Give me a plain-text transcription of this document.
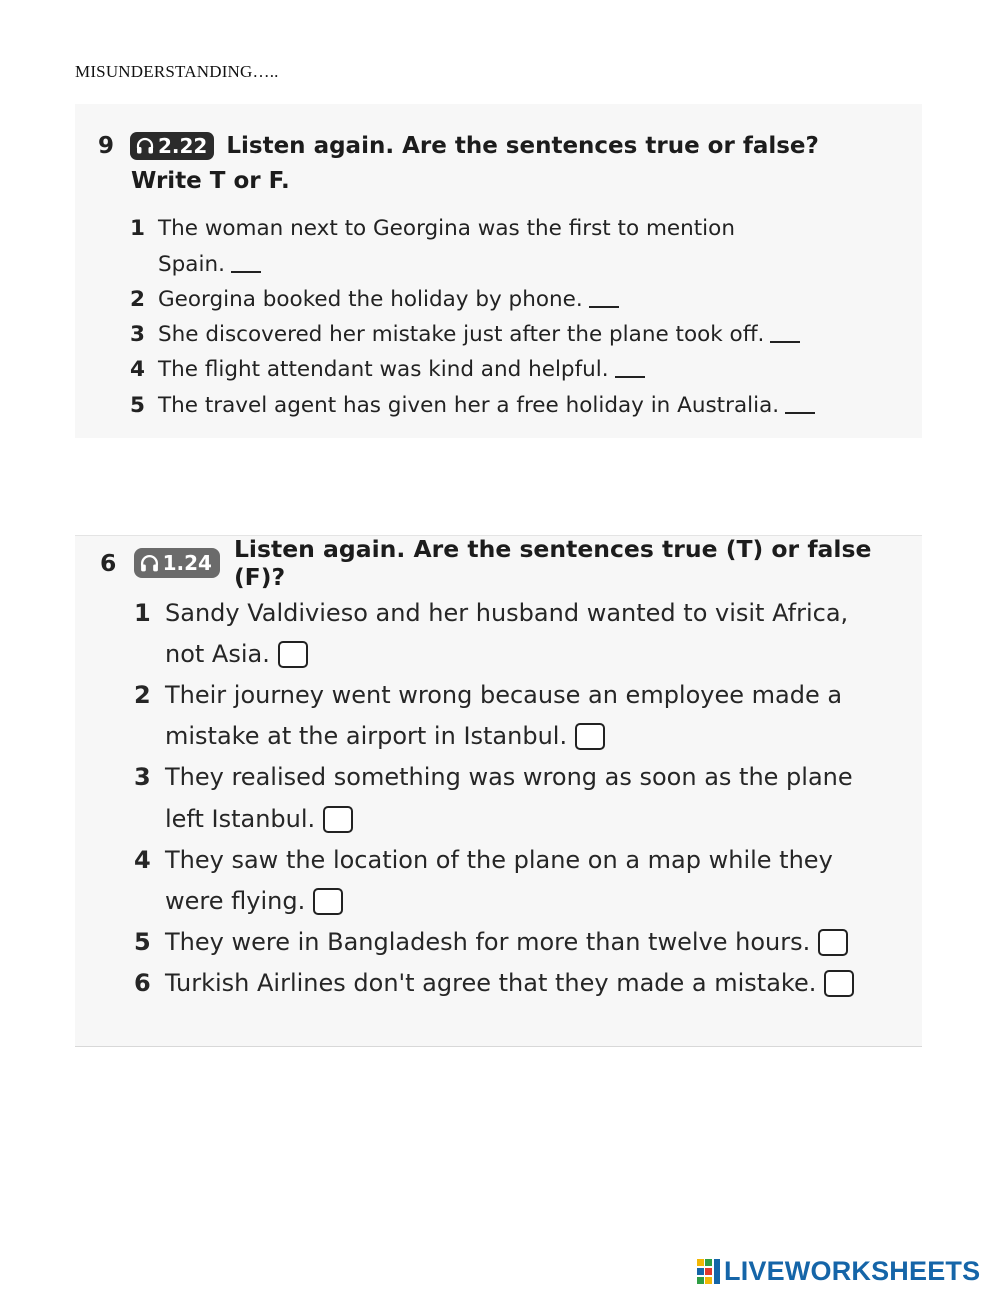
MISUNDERSTANDING…..
9	2.22 Listen again. Are the sentences true or false?
Write T or F.
1 The woman next to Georgina was the first to mention
Spain.
2 Georgina booked the holiday by phone.
3 She discovered her mistake just after the plane took off.
4 The flight attendant was kind and helpful.
5 The travel agent has given her a free holiday in Australia.
6	1.24 Listen again. Are the sentences true (T) or false (F)?
1 Sandy Valdivieso and her husband wanted to visit Africa,
not Asia.
2 Their journey went wrong because an employee made a
mistake at the airport in Istanbul.
3 They realised something was wrong as soon as the plane
left Istanbul.
4 They saw the location of the plane on a map while they
were flying.
5 They were in Bangladesh for more than twelve hours.
6 Turkish Airlines don't agree that they made a mistake.
LIVEWORKSHEETS
